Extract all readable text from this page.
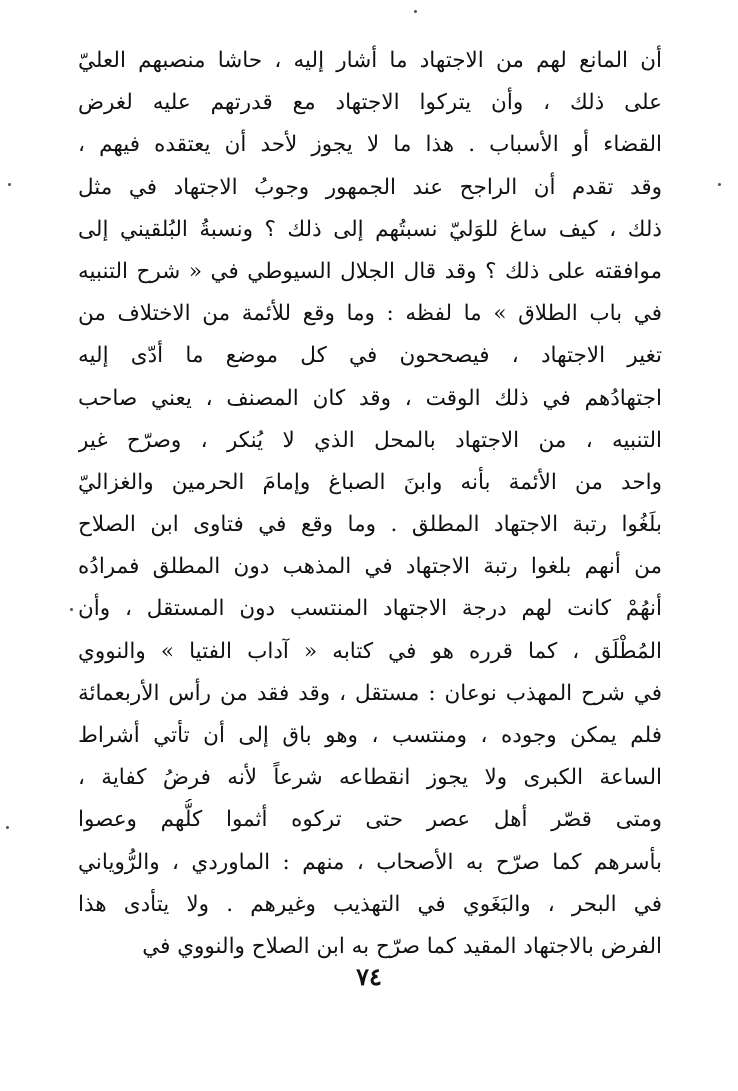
أن المانع لهم من الاجتهاد ما أشار إليه ، حاشا منصبهم العليّ
على ذلك ، وأن يتركوا الاجتهاد مع قدرتهم عليه لغرض
القضاء أو الأسباب . هذا ما لا يجوز لأحد أن يعتقده فيهم ،
وقد تقدم أن الراجح عند الجمهور وجوبُ الاجتهاد في مثل
ذلك ، كيف ساغ للوَليّ نسبتُهم إلى ذلك ؟ ونسبةُ البُلقيني إلى
موافقته على ذلك ؟ وقد قال الجلال السيوطي في « شرح التنبيه
في باب الطلاق » ما لفظه : وما وقع للأئمة من الاختلاف من
تغير الاجتهاد ، فيصححون في كل موضع ما أدّى إليه
اجتهادُهم في ذلك الوقت ، وقد كان المصنف ، يعني صاحب
التنبيه ، من الاجتهاد بالمحل الذي لا يُنكر ، وصرّح غير
واحد من الأئمة بأنه وابنَ الصباغ وإمامَ الحرمين والغزاليّ
بلَغُوا رتبة الاجتهاد المطلق . وما وقع في فتاوى ابن الصلاح
من أنهم بلغوا رتبة الاجتهاد في المذهب دون المطلق فمرادُه
أنهُمْ كانت لهم درجة الاجتهاد المنتسب دون المستقل ، وأن
المُطْلَق ، كما قرره هو في كتابه « آداب الفتيا » والنووي
في شرح المهذب نوعان : مستقل ، وقد فقد من رأس الأربعمائة
فلم يمكن وجوده ، ومنتسب ، وهو باق إلى أن تأتي أشراط
الساعة الكبرى ولا يجوز انقطاعه شرعاً لأنه فرضُ كفاية ،
ومتى قصّر أهل عصر حتى تركوه أثموا كلُّهم وعصوا
بأسرهم كما صرّح به الأصحاب ، منهم : الماوردي ، والرُّوياني
في البحر ، والبَغَوي في التهذيب وغيرهم . ولا يتأدى هذا
الفرض بالاجتهاد المقيد كما صرّح به ابن الصلاح والنووي في
٧٤
